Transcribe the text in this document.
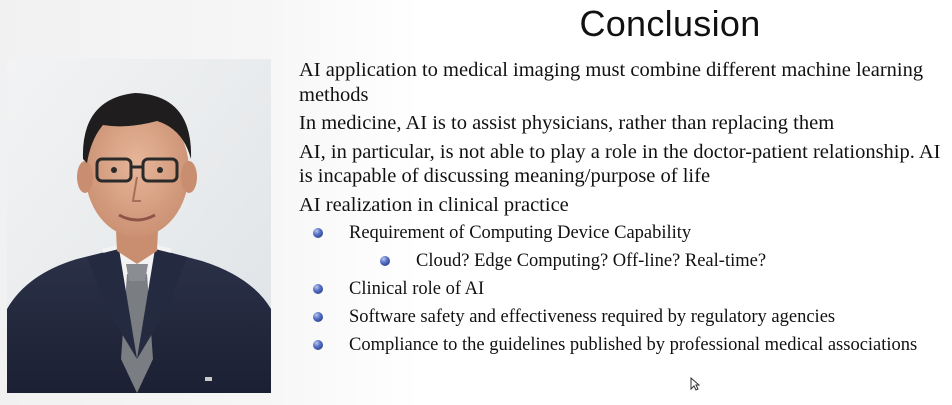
Conclusion
AI application to medical imaging must combine different machine learning methods
In medicine, AI is to assist physicians, rather than replacing them
AI, in particular, is not able to play a role in the doctor-patient relationship. AI is incapable of discussing meaning/purpose of life
AI realization in clinical practice
Requirement of Computing Device Capability
Cloud? Edge Computing? Off-line? Real-time?
Clinical role of AI
Software safety and effectiveness required by regulatory agencies
Compliance to the guidelines published by professional medical associations
